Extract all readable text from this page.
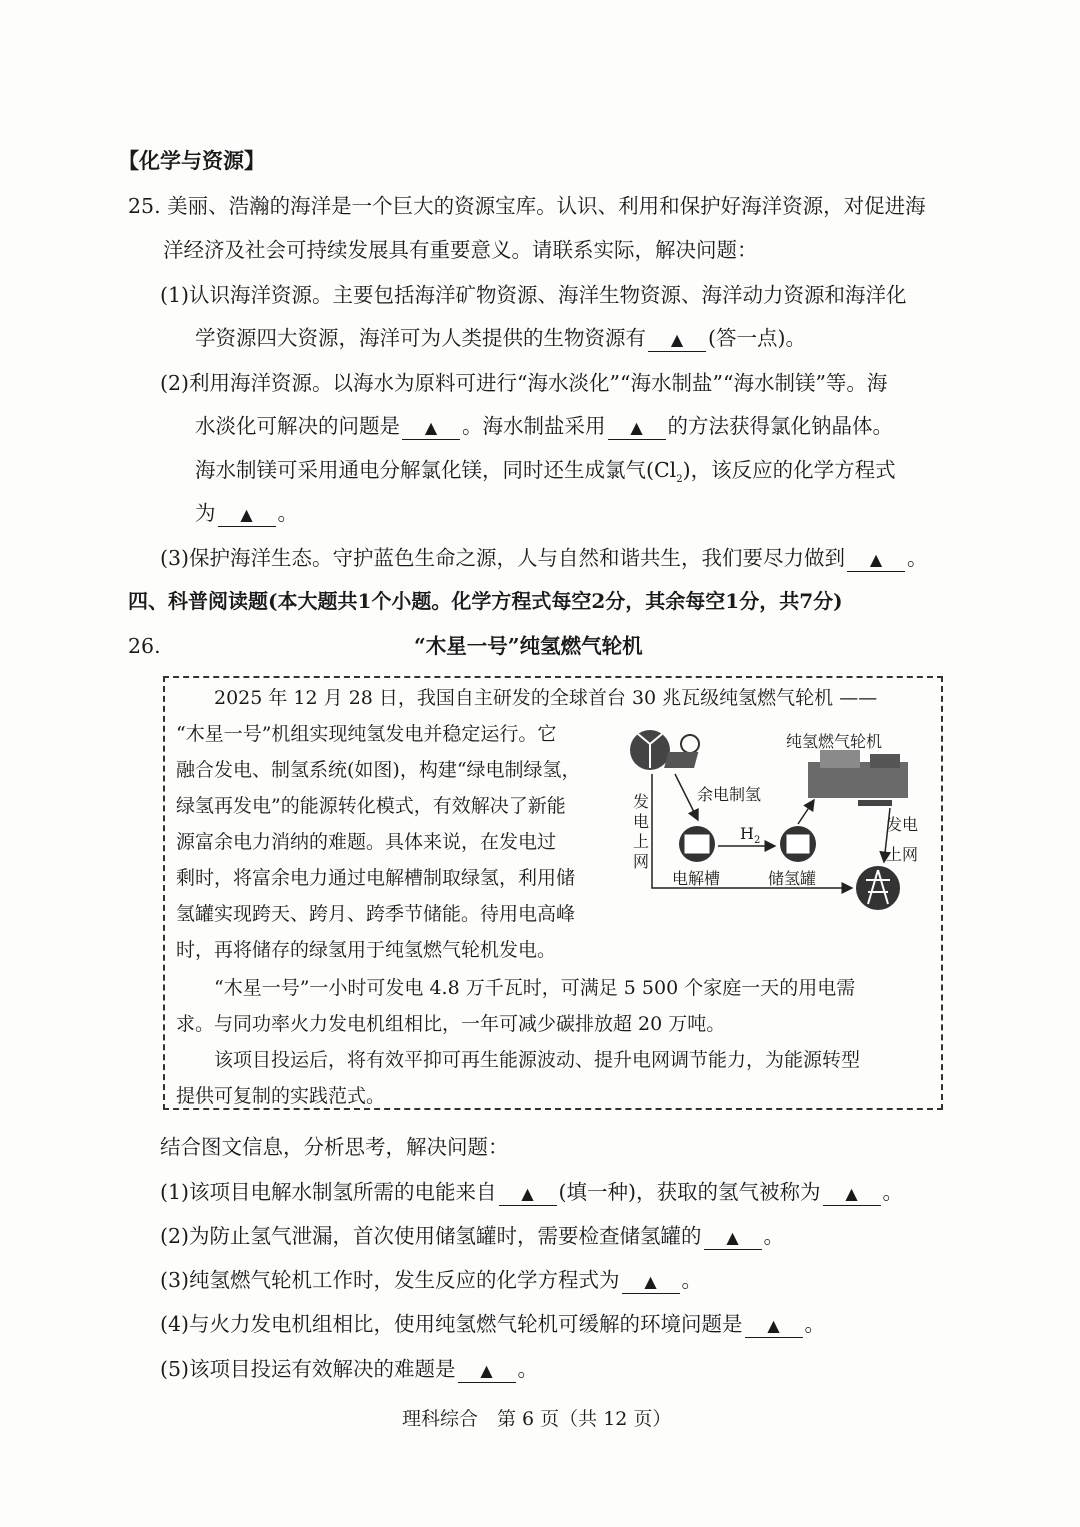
【化学与资源】
25. 美丽、浩瀚的海洋是一个巨大的资源宝库。认识、利用和保护好海洋资源，对促进海
洋经济及社会可持续发展具有重要意义。请联系实际，解决问题：
(1)认识海洋资源。主要包括海洋矿物资源、海洋生物资源、海洋动力资源和海洋化
学资源四大资源，海洋可为人类提供的生物资源有 ▲ (答一点)。
(2)利用海洋资源。以海水为原料可进行“海水淡化”“海水制盐”“海水制镁”等。海
水淡化可解决的问题是 ▲ 。海水制盐采用 ▲ 的方法获得氯化钠晶体。
海水制镁可采用通电分解氯化镁，同时还生成氯气$(Cl_2)$，该反应的化学方程式
为 ▲ 。
(3)保护海洋生态。守护蓝色生命之源，人与自然和谐共生，我们要尽力做到 ▲ 。
四、科普阅读题(本大题共1个小题。化学方程式每空2分，其余每空1分，共7分)
26.	“木星一号”纯氢燃气轮机
2025 年 12 月 28 日，我国自主研发的全球首台 30 兆瓦级纯氢燃气轮机 ——
“木星一号”机组实现纯氢发电并稳定运行。它
融合发电、制氢系统(如图)，构建“绿电制绿氢，
绿氢再发电”的能源转化模式，有效解决了新能
源富余电力消纳的难题。具体来说，在发电过
剩时，将富余电力通过电解槽制取绿氢，利用储
氢罐实现跨天、跨月、跨季节储能。待用电高峰
时，再将储存的绿氢用于纯氢燃气轮机发电。
“木星一号”一小时可发电 4.8 万千瓦时，可满足 5 500 个家庭一天的用电需
求。与同功率火力发电机组相比，一年可减少碳排放超 20 万吨。
该项目投运后，将有效平抑可再生能源波动、提升电网调节能力，为能源转型
提供可复制的实践范式。
纯氢燃气轮机
余电制氢
$H_2$
电解槽	储氢罐
发电上网
发电
上网
结合图文信息，分析思考，解决问题：
(1)该项目电解水制氢所需的电能来自 ▲ (填一种)，获取的氢气被称为 ▲ 。
(2)为防止氢气泄漏，首次使用储氢罐时，需要检查储氢罐的 ▲ 。
(3)纯氢燃气轮机工作时，发生反应的化学方程式为 ▲ 。
(4)与火力发电机组相比，使用纯氢燃气轮机可缓解的环境问题是 ▲ 。
(5)该项目投运有效解决的难题是 ▲ 。
理科综合　第 6 页（共 12 页）
